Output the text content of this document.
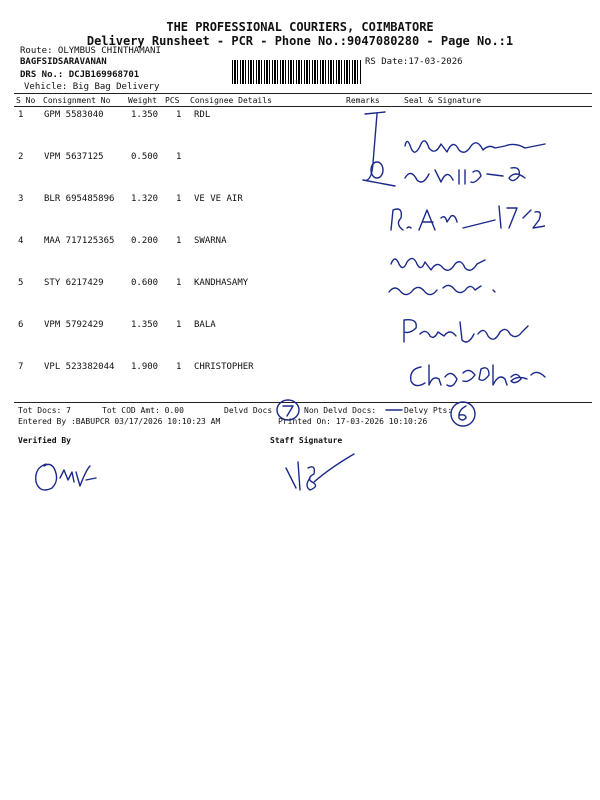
THE PROFESSIONAL COURIERS, COIMBATORE
Delivery Runsheet - PCR - Phone No.:9047080280 - Page No.:1
Route: OLYMBUS CHINTHAMANI
BAGFSIDSARAVANAN	RS Date:17-03-2026
DRS No.: DCJB169968701
Vehicle: Big Bag Delivery
S No Consignment No Weight PCS Consignee Details	Remarks	Seal & Signature
1 GPM 5583040	1.350 1 RDL
2 VPM 5637125	0.500 1
3 BLR 695485896 1.320 1 VE VE AIR
4 MAA 717125365 0.200 1 SWARNA
5 STY 6217429	0.600 1 KANDHASAMY
6 VPM 5792429	1.350 1 BALA
7 VPL 523382044 1.900 1 CHRISTOPHER
Tot Docs: 7	Tot COD Amt: 0.00	Delvd Docs	Non Delvd Docs:	Delvy Pts:
Entered By :BABUPCR 03/17/2026 10:10:23 AM	Printed On: 17-03-2026 10:10:26
Verified By	Staff Signature
